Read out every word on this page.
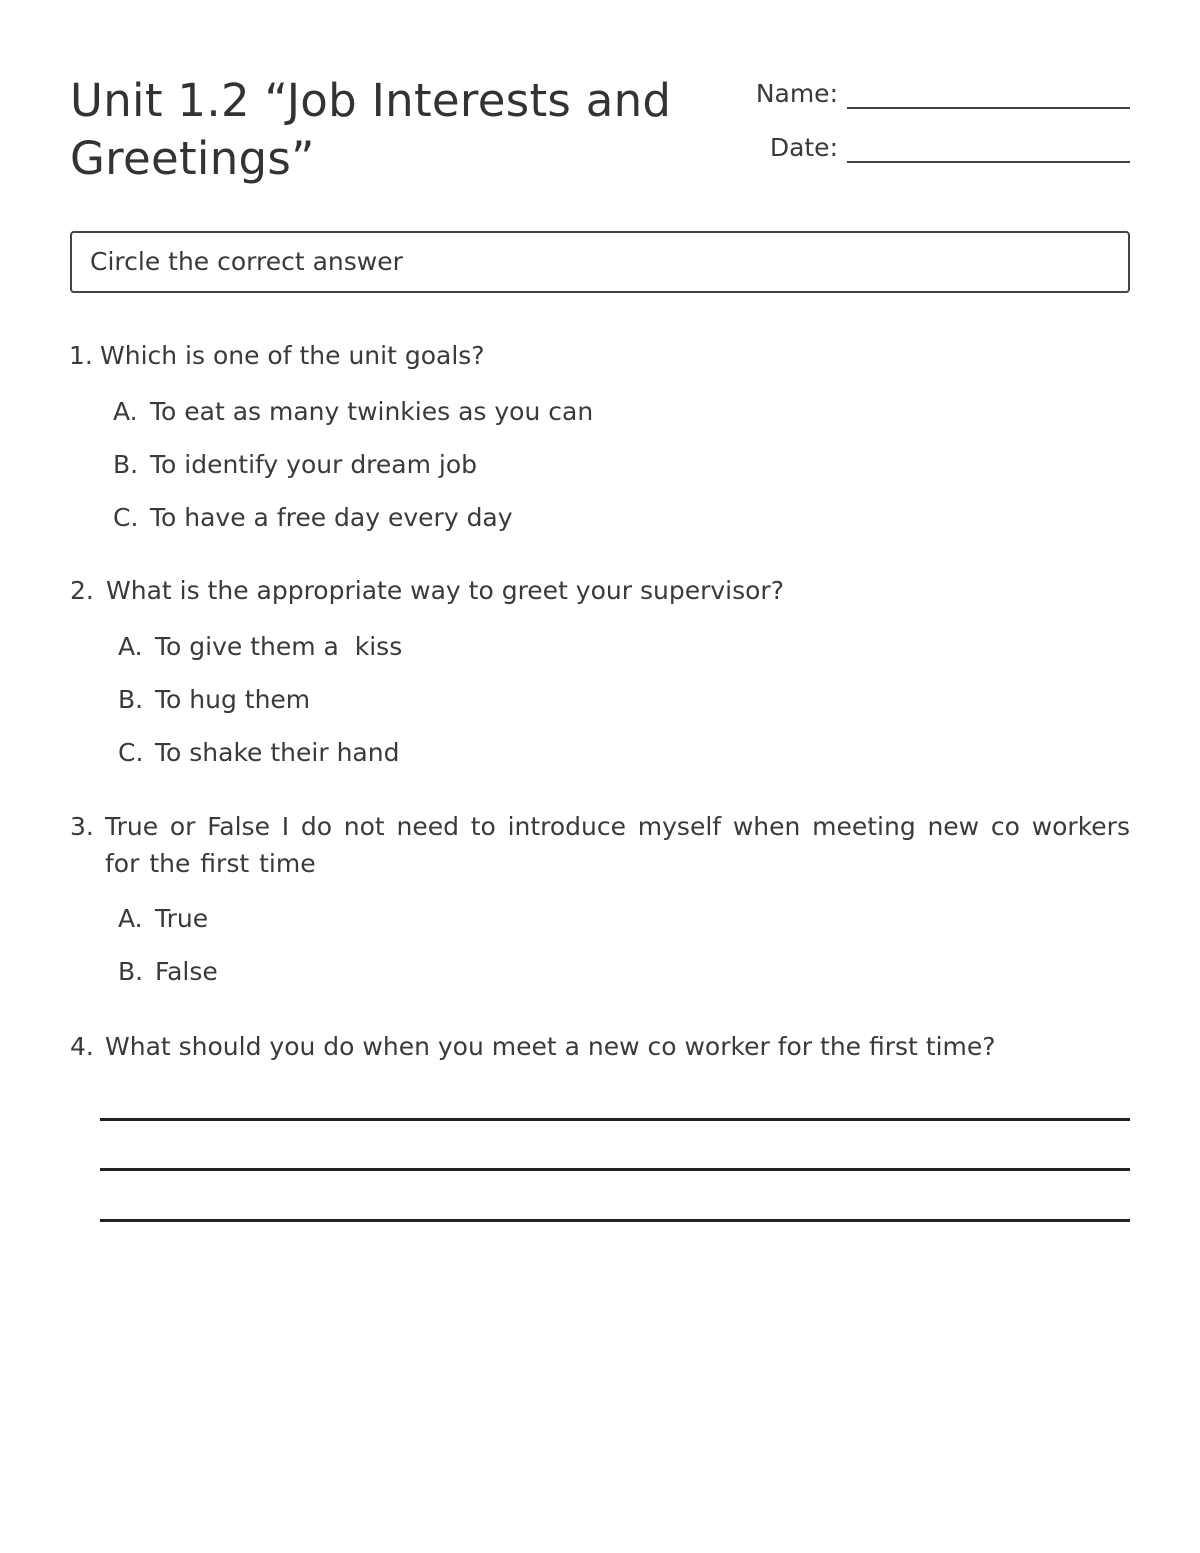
Unit 1.2 “Job Interests and Greetings”
Name:
Date:
Circle the correct answer
1. Which is one of the unit goals?
A. To eat as many twinkies as you can
B. To identify your dream job
C. To have a free day every day
2. What is the appropriate way to greet your supervisor?
A. To give them a  kiss
B. To hug them
C. To shake their hand
3. True or False I do not need to introduce myself when meeting new co workers for the first time
A. True
B. False
4. What should you do when you meet a new co worker for the first time?
